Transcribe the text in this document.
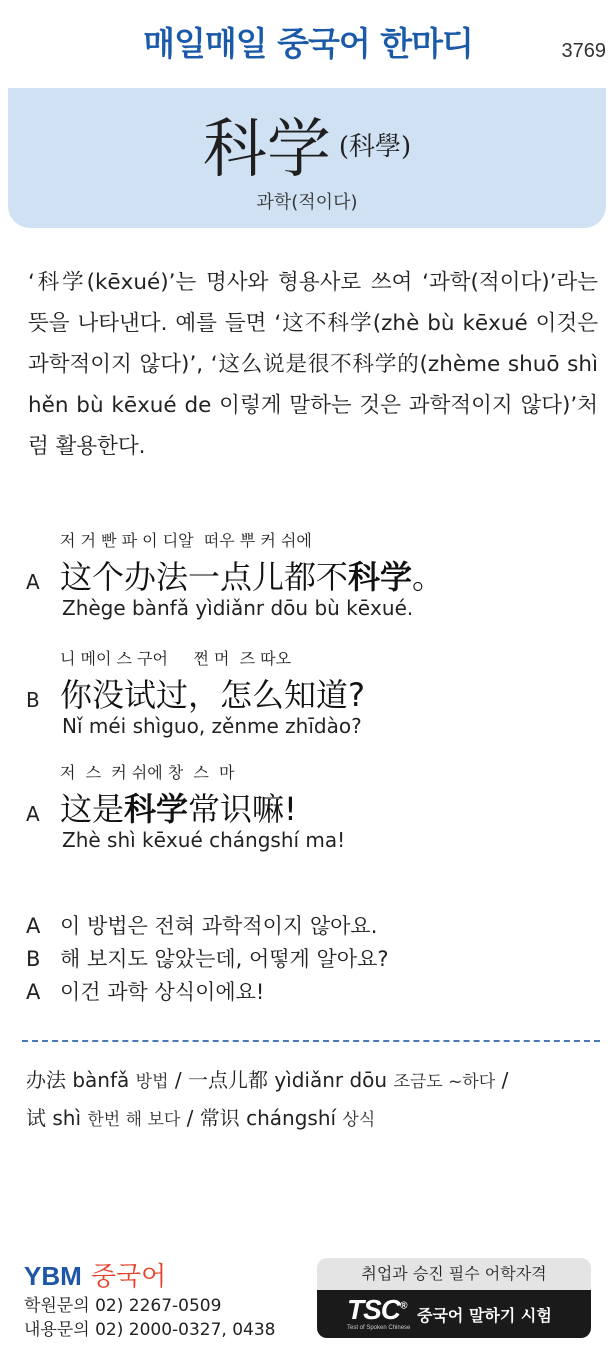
매일매일 중국어 한마디	3769
科学 $^{(科學)}$
과학(적이다)
‘科学(kēxué)’는 명사와 형용사로 쓰여 ‘과학(적이다)’라는 뜻을 나타낸다. 예를 들면 ‘这不科学(zhè bù kēxué 이것은 과학적이지 않다)’, ‘这么说是很不科学的(zhème shuō shì hěn bù kēxué de 이렇게 말하는 것은 과학적이지 않다)’처럼 활용한다.
저 거 빤 파 이 디알  떠우 뿌 커 쉬에
A 这个办法一点儿都不科学。
Zhège bànfǎ yìdiǎnr dōu bù kēxué.
니 메이 스 구어     쩐 머  즈 따오
B 你没试过，怎么知道?
Nǐ méi shìguo, zěnme zhīdào?
저  스  커 쉬에 창  스  마
A 这是科学常识嘛!
Zhè shì kēxué chángshí ma!
A 이 방법은 전혀 과학적이지 않아요.
B 해 보지도 않았는데, 어떻게 알아요?
A 이건 과학 상식이에요!
办法 bànfǎ 방법 / 一点儿都 yìdiǎnr dōu 조금도 ~하다 /
试 shì 한번 해 보다 / 常识 chángshí 상식
YBM 중국어
학원문의 02) 2267-0509
내용문의 02) 2000-0327, 0438
취업과 승진 필수 어학자격
TSC®
Test of Spoken Chinese
중국어 말하기 시험
